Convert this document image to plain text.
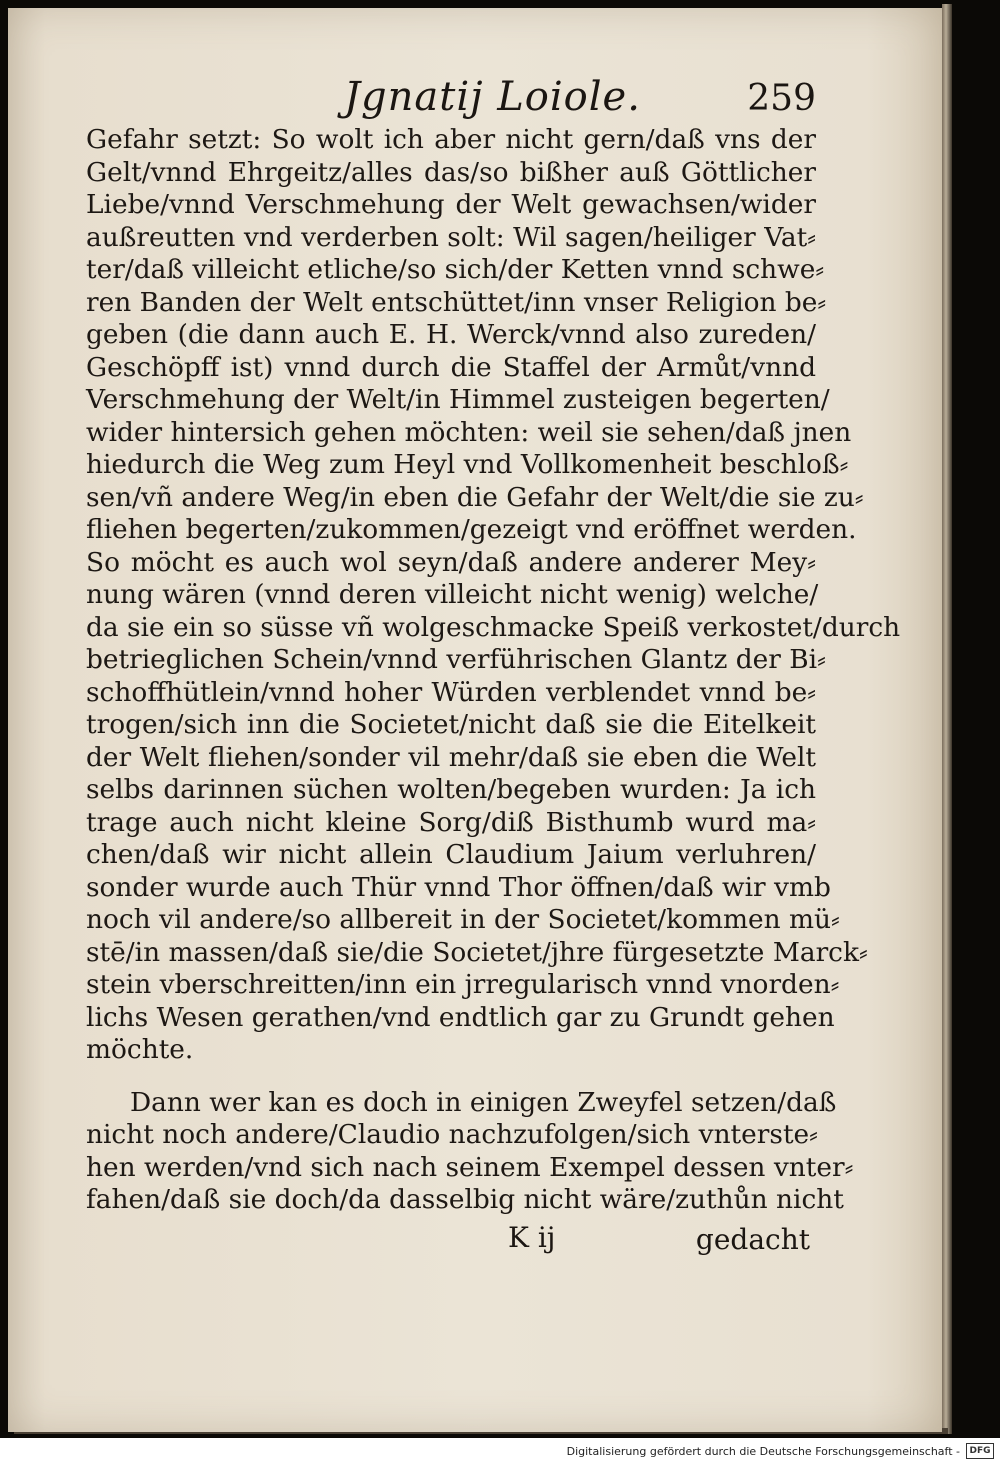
Jgnatij Loiole.	259
Gefahr setzt: So wolt ich aber nicht gern/daß vns der
Gelt/vnnd Ehrgeitz/alles das/so bißher auß Göttlicher
Liebe/vnnd Verschmehung der Welt gewachsen/wider
außreutten vnd verderben solt: Wil sagen/heiliger Vat⸗
ter/daß villeicht etliche/so sich/der Ketten vnnd schwe⸗
ren Banden der Welt entschüttet/inn vnser Religion be⸗
geben (die dann auch E. H. Werck/vnnd also zureden/
Geschöpff ist) vnnd durch die Staffel der Armůt/vnnd
Verschmehung der Welt/in Himmel zusteigen begerten/
wider hintersich gehen möchten: weil sie sehen/daß jnen
hiedurch die Weg zum Heyl vnd Vollkomenheit beschloß⸗
sen/vñ andere Weg/in eben die Gefahr der Welt/die sie zu⸗
fliehen begerten/zukommen/gezeigt vnd eröffnet werden.
So möcht es auch wol seyn/daß andere anderer Mey⸗
nung wären (vnnd deren villeicht nicht wenig) welche/
da sie ein so süsse vñ wolgeschmacke Speiß verkostet/durch
betrieglichen Schein/vnnd verführischen Glantz der Bi⸗
schoffhütlein/vnnd hoher Würden verblendet vnnd be⸗
trogen/sich inn die Societet/nicht daß sie die Eitelkeit
der Welt fliehen/sonder vil mehr/daß sie eben die Welt
selbs darinnen süchen wolten/begeben wurden: Ja ich
trage auch nicht kleine Sorg/diß Bisthumb wurd ma⸗
chen/daß wir nicht allein Claudium Jaium verluhren/
sonder wurde auch Thür vnnd Thor öffnen/daß wir vmb
noch vil andere/so allbereit in der Societet/kommen mü⸗
stē/in massen/daß sie/die Societet/jhre fürgesetzte Marck⸗
stein vberschreitten/inn ein jrregularisch vnnd vnorden⸗
lichs Wesen gerathen/vnd endtlich gar zu Grundt gehen
möchte.
Dann wer kan es doch in einigen Zweyfel setzen/daß
nicht noch andere/Claudio nachzufolgen/sich vnterste⸗
hen werden/vnd sich nach seinem Exempel dessen vnter⸗
fahen/daß sie doch/da dasselbig nicht wäre/zuthůn nicht
K ij	gedacht
Digitalisierung gefördert durch die Deutsche Forschungsgemeinschaft -	DFG
